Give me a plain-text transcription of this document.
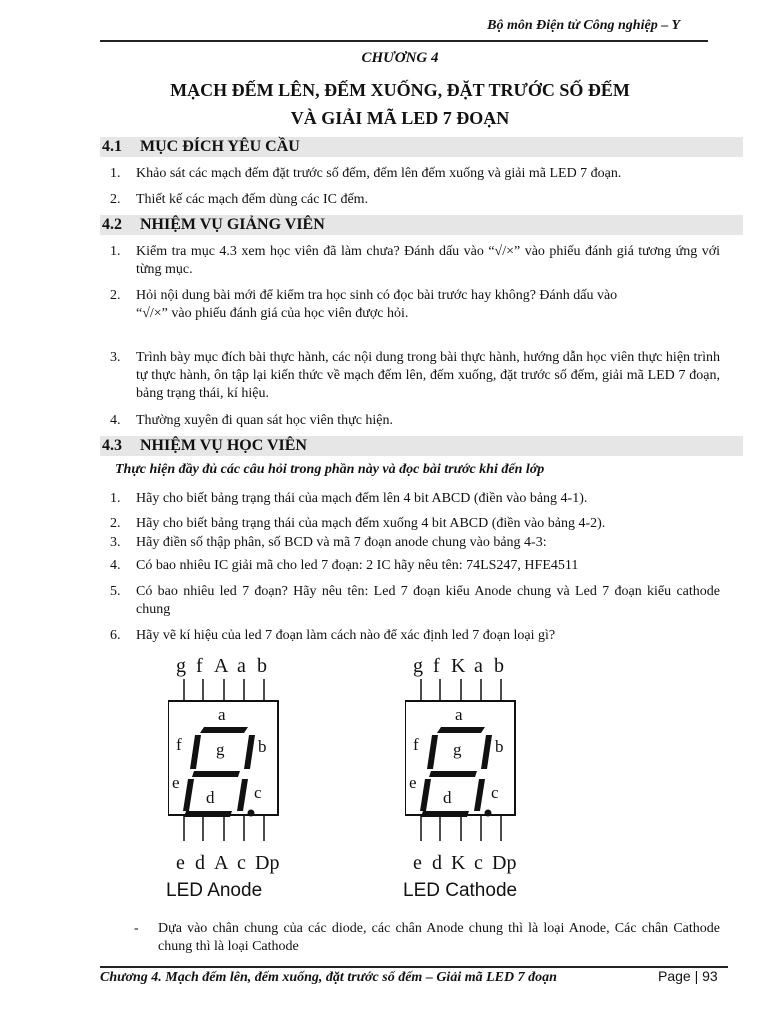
Bộ môn Điện tử Công nghiệp – Y
CHƯƠNG 4
MẠCH ĐẾM LÊN, ĐẾM XUỐNG, ĐẶT TRƯỚC SỐ ĐẾM
VÀ GIẢI MÃ LED 7 ĐOẠN
4.1 MỤC ĐÍCH YÊU CẦU
1. Khảo sát các mạch đếm đặt trước số đếm, đếm lên đếm xuống và giải mã LED 7 đoạn.
2. Thiết kế các mạch đếm dùng các IC đếm.
4.2 NHIỆM VỤ GIẢNG VIÊN
1. Kiểm tra mục 4.3 xem học viên đã làm chưa? Đánh dấu vào “√/×” vào phiếu đánh giá tương ứng với từng mục.
2. Hỏi nội dung bài mới để kiểm tra học sinh có đọc bài trước hay không? Đánh dấu vào
“√/×” vào phiếu đánh giá của học viên được hỏi.
3. Trình bày mục đích bài thực hành, các nội dung trong bài thực hành, hướng dẫn học viên thực hiện trình tự thực hành, ôn tập lại kiến thức về mạch đếm lên, đếm xuống, đặt trước số đếm, giải mã LED 7 đoạn, bảng trạng thái, kí hiệu.
4. Thường xuyên đi quan sát học viên thực hiện.
4.3 NHIỆM VỤ HỌC VIÊN
Thực hiện đầy đủ các câu hỏi trong phần này và đọc bài trước khi đến lớp
1. Hãy cho biết bảng trạng thái của mạch đếm lên 4 bit ABCD (điền vào bảng 4-1).
2. Hãy cho biết bảng trạng thái của mạch đếm xuống 4 bit ABCD (điền vào bảng 4-2).
3. Hãy điền số thập phân, số BCD và mã 7 đoạn anode chung vào bảng 4-3:
4. Có bao nhiêu IC giải mã cho led 7 đoạn: 2 IC hãy nêu tên: 74LS247, HFE4511
5. Có bao nhiêu led 7 đoạn? Hãy nêu tên: Led 7 đoạn kiểu Anode chung và Led 7 đoạn kiểu cathode chung
6. Hãy vẽ kí hiệu của led 7 đoạn làm cách nào để xác định led 7 đoạn loại gì?
g f A a b
e d A c Dp
a
f g b
e
c
d
LED Anode
g f K a b
e d K c Dp
a
f g b
e
c
d
LED Cathode
- Dựa vào chân chung của các diode, các chân Anode chung thì là loại Anode, Các chân Cathode chung thì là loại Cathode
Chương 4. Mạch đếm lên, đếm xuống, đặt trước số đếm – Giải mã LED 7 đoạn	Page | 93
